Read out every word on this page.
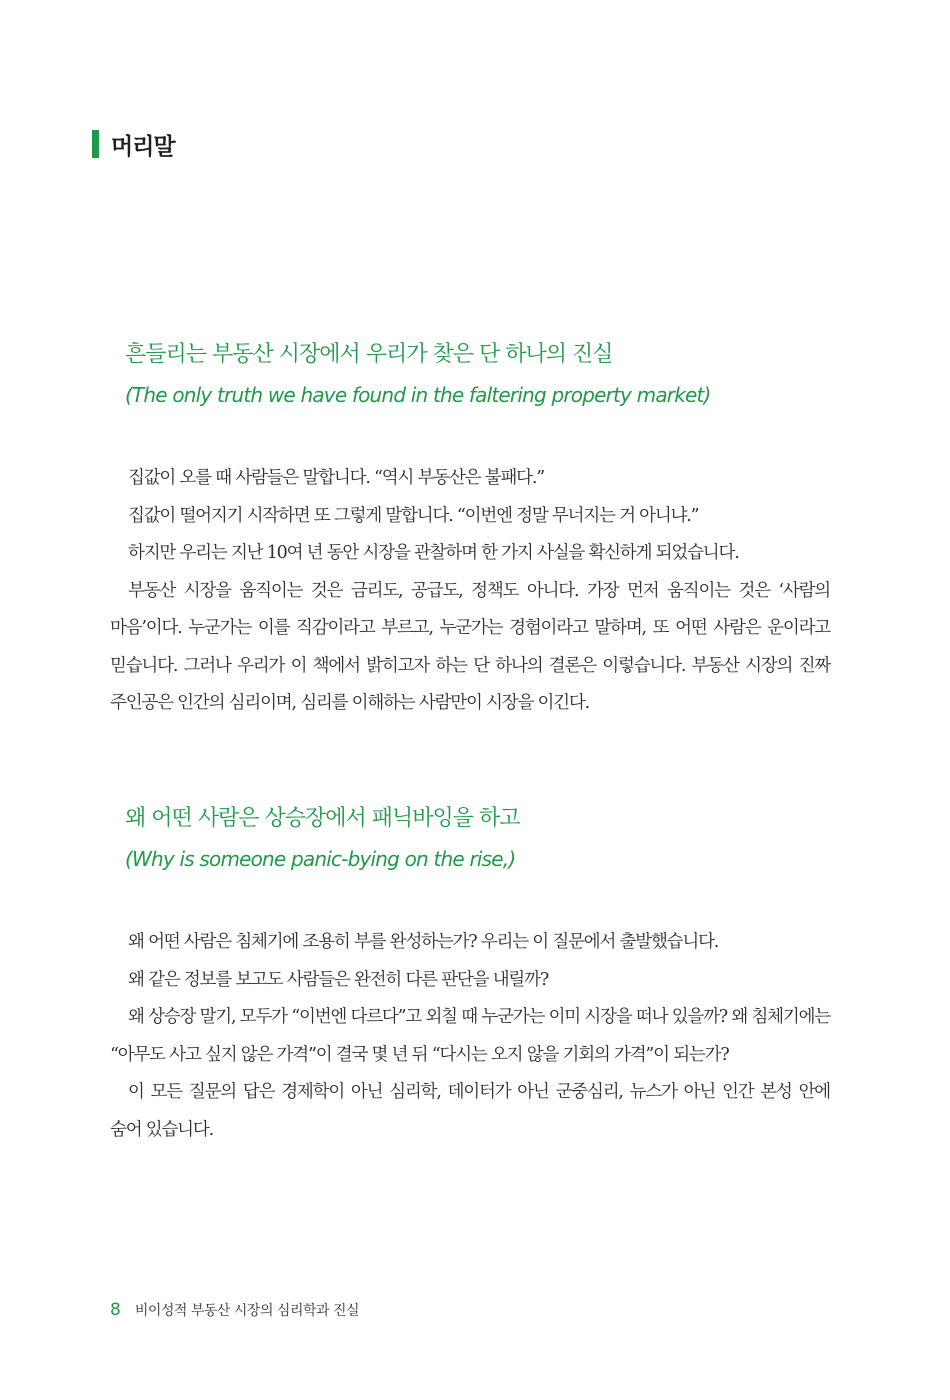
머리말
흔들리는 부동산 시장에서 우리가 찾은 단 하나의 진실
(The only truth we have found in the faltering property market)

집값이 오를 때 사람들은 말합니다. “역시 부동산은 불패다.”

집값이 떨어지기 시작하면 또 그렇게 말합니다. “이번엔 정말 무너지는 거 아니냐.”

하지만 우리는 지난 10여 년 동안 시장을 관찰하며 한 가지 사실을 확신하게 되었습니다.

부동산 시장을 움직이는 것은 금리도, 공급도, 정책도 아니다. 가장 먼저 움직이는 것은 ‘사람의 마음’이다. 누군가는 이를 직감이라고 부르고, 누군가는 경험이라고 말하며, 또 어떤 사람은 운이라고 믿습니다. 그러나 우리가 이 책에서 밝히고자 하는 단 하나의 결론은 이렇습니다. 부동산 시장의 진짜 주인공은 인간의 심리이며, 심리를 이해하는 사람만이 시장을 이긴다.

왜 어떤 사람은 상승장에서 패닉바잉을 하고
(Why is someone panic-bying on the rise,)

왜 어떤 사람은 침체기에 조용히 부를 완성하는가? 우리는 이 질문에서 출발했습니다.

왜 같은 정보를 보고도 사람들은 완전히 다른 판단을 내릴까?

왜 상승장 말기, 모두가 “이번엔 다르다”고 외칠 때 누군가는 이미 시장을 떠나 있을까? 왜 침체기에는 “아무도 사고 싶지 않은 가격”이 결국 몇 년 뒤 “다시는 오지 않을 기회의 가격”이 되는가?

이 모든 질문의 답은 경제학이 아닌 심리학, 데이터가 아닌 군중심리, 뉴스가 아닌 인간 본성 안에 숨어 있습니다.

8 비이성적 부동산 시장의 심리학과 진실
